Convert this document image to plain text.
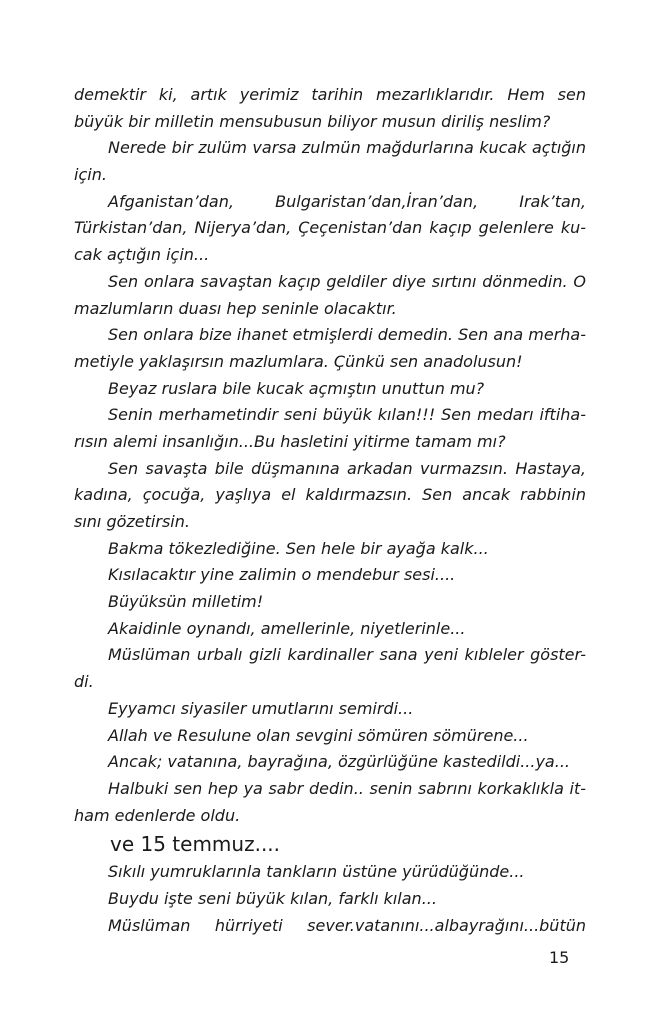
demektir ki, artık yerimiz tarihin mezarlıklarıdır. Hem sen
büyük bir milletin mensubusun biliyor musun diriliş neslim?
Nerede bir zulüm varsa zulmün mağdurlarına kucak açtığın
için.
Afganistan’dan, Bulgaristan’dan,İran’dan, Irak’tan,
Türkistan’dan, Nijerya’dan, Çeçenistan’dan kaçıp gelenlere ku-
cak açtığın için...
Sen onlara savaştan kaçıp geldiler diye sırtını dönmedin. O
mazlumların duası hep seninle olacaktır.
Sen onlara bize ihanet etmişlerdi demedin. Sen ana merha-
metiyle yaklaşırsın mazlumlara. Çünkü sen anadolusun!
Beyaz ruslara bile kucak açmıştın unuttun mu?
Senin merhametindir seni büyük kılan!!! Sen medarı iftiha-
rısın alemi insanlığın...Bu hasletini yitirme tamam mı?
Sen savaşta bile düşmanına arkadan vurmazsın. Hastaya,
kadına, çocuğa, yaşlıya el kaldırmazsın. Sen ancak rabbinin
sını gözetirsin.
Bakma tökezlediğine. Sen hele bir ayağa kalk...
Kısılacaktır yine zalimin o mendebur sesi....
Büyüksün milletim!
Akaidinle oynandı, amellerinle, niyetlerinle...
Müslüman urbalı gizli kardinaller sana yeni kıbleler göster-
di.
Eyyamcı siyasiler umutlarını semirdi...
Allah ve Resulune olan sevgini sömüren sömürene...
Ancak; vatanına, bayrağına, özgürlüğüne kastedildi...ya...
Halbuki sen hep ya sabr dedin.. senin sabrını korkaklıkla it-
ham edenlerde oldu.
ve 15 temmuz....
Sıkılı yumruklarınla tankların üstüne yürüdüğünde...
Buydu işte seni büyük kılan, farklı kılan...
Müslüman hürriyeti sever.vatanını...albayrağını...bütün
15
